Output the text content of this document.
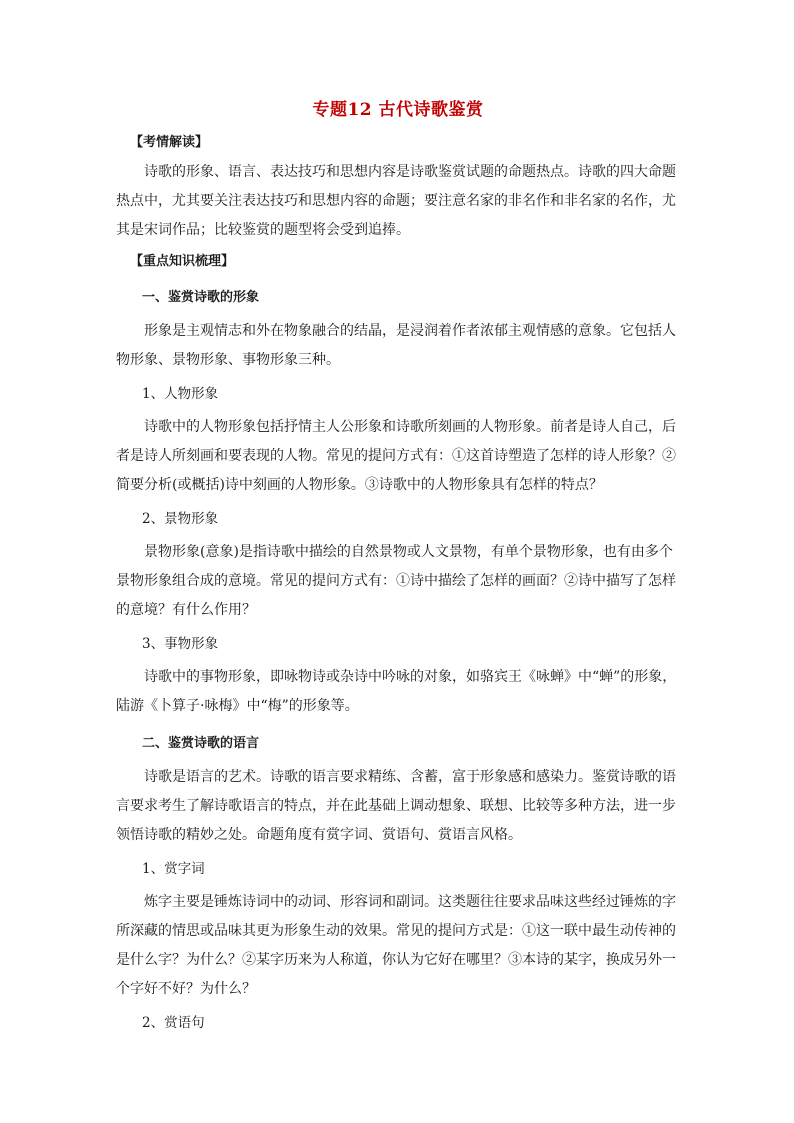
专题12 古代诗歌鉴赏
【考情解读】
诗歌的形象、语言、表达技巧和思想内容是诗歌鉴赏试题的命题热点。诗歌的四大命题
热点中，尤其要关注表达技巧和思想内容的命题；要注意名家的非名作和非名家的名作，尤
其是宋词作品；比较鉴赏的题型将会受到追捧。
【重点知识梳理】
一、鉴赏诗歌的形象
形象是主观情志和外在物象融合的结晶，是浸润着作者浓郁主观情感的意象。它包括人
物形象、景物形象、事物形象三种。
1、人物形象
诗歌中的人物形象包括抒情主人公形象和诗歌所刻画的人物形象。前者是诗人自己，后
者是诗人所刻画和要表现的人物。常见的提问方式有：①这首诗塑造了怎样的诗人形象？②
简要分析(或概括)诗中刻画的人物形象。③诗歌中的人物形象具有怎样的特点？
2、景物形象
景物形象(意象)是指诗歌中描绘的自然景物或人文景物，有单个景物形象，也有由多个
景物形象组合成的意境。常见的提问方式有：①诗中描绘了怎样的画面？②诗中描写了怎样
的意境？有什么作用？
3、事物形象
诗歌中的事物形象，即咏物诗或杂诗中吟咏的对象，如骆宾王《咏蝉》中“蝉”的形象，
陆游《卜算子·咏梅》中“梅”的形象等。
二、鉴赏诗歌的语言
诗歌是语言的艺术。诗歌的语言要求精练、含蓄，富于形象感和感染力。鉴赏诗歌的语
言要求考生了解诗歌语言的特点，并在此基础上调动想象、联想、比较等多种方法，进一步
领悟诗歌的精妙之处。命题角度有赏字词、赏语句、赏语言风格。
1、赏字词
炼字主要是锤炼诗词中的动词、形容词和副词。这类题往往要求品味这些经过锤炼的字
所深藏的情思或品味其更为形象生动的效果。常见的提问方式是：①这一联中最生动传神的
是什么字？为什么？②某字历来为人称道，你认为它好在哪里？③本诗的某字，换成另外一
个字好不好？为什么？
2、赏语句
